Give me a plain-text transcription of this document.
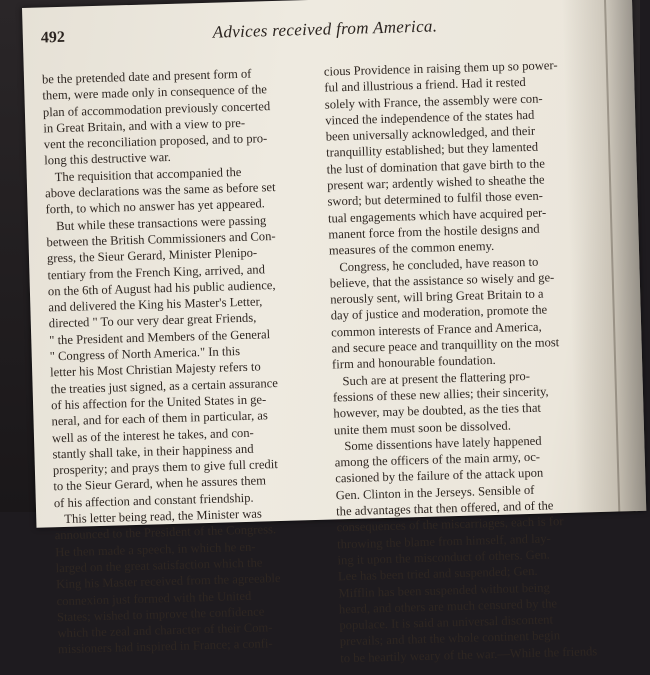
492	Advices received from America.
be the pretended date and present form of
them, were made only in consequence of the
plan of accommodation previously concerted
in Great Britain, and with a view to pre-
vent the reconciliation proposed, and to pro-
long this destructive war.
The requisition that accompanied the
above declarations was the same as before set
forth, to which no answer has yet appeared.
But while these transactions were passing
between the British Commissioners and Con-
gress, the Sieur Gerard, Minister Plenipo-
tentiary from the French King, arrived, and
on the 6th of August had his public audience,
and delivered the King his Master's Letter,
directed " To our very dear great Friends,
" the President and Members of the General
" Congress of North America." In this
letter his Most Christian Majesty refers to
the treaties just signed, as a certain assurance
of his affection for the United States in ge-
neral, and for each of them in particular, as
well as of the interest he takes, and con-
stantly shall take, in their happiness and
prosperity; and prays them to give full credit
to the Sieur Gerard, when he assures them
of his affection and constant friendship.
This letter being read, the Minister was
announced to the President of the Congress.
He then made a speech, in which he en-
larged on the great satisfaction which the
King his Master received from the agreeable
connexion just formed with the United
States; wished to improve the confidence
which the zeal and character of their Com-
missioners had inspired in France; a confi-
cious Providence in raising them up so power-
ful and illustrious a friend. Had it rested
solely with France, the assembly were con-
vinced the independence of the states had
been universally acknowledged, and their
tranquillity established; but they lamented
the lust of domination that gave birth to the
present war; ardently wished to sheathe the
sword; but determined to fulfil those even-
tual engagements which have acquired per-
manent force from the hostile designs and
measures of the common enemy.
Congress, he concluded, have reason to
believe, that the assistance so wisely and ge-
nerously sent, will bring Great Britain to a
day of justice and moderation, promote the
common interests of France and America,
and secure peace and tranquillity on the most
firm and honourable foundation.
Such are at present the flattering pro-
fessions of these new allies; their sincerity,
however, may be doubted, as the ties that
unite them must soon be dissolved.
Some dissentions have lately happened
among the officers of the main army, oc-
casioned by the failure of the attack upon
Gen. Clinton in the Jerseys. Sensible of
the advantages that then offered, and of the
consequences of the miscarriages, each is for
throwing the blame from himself, and lay-
ing it upon the misconduct of others. Gen.
Lee has been tried and suspended; Gen.
Mifflin has been suspended without being
heard, and others are much censured by the
populace. It is said an universal discontent
prevails; and that the whole continent begin
to be heartily weary of the war.—While the friends
